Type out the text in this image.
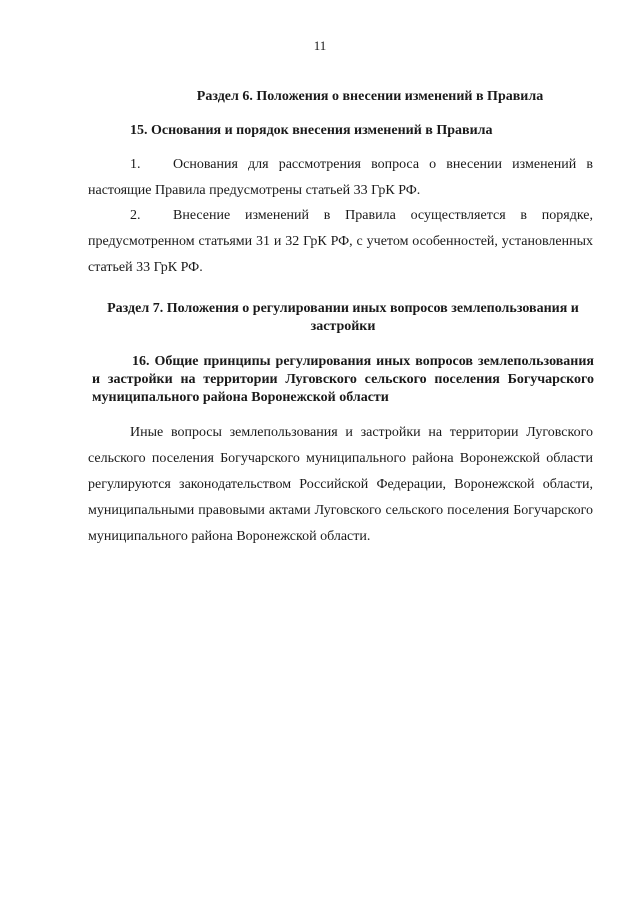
11
Раздел 6. Положения о внесении изменений в Правила
15. Основания и порядок внесения изменений в Правила
1. Основания для рассмотрения вопроса о внесении изменений в настоящие Правила предусмотрены статьей 33 ГрК РФ.
2. Внесение изменений в Правила осуществляется в порядке, предусмотренном статьями 31 и 32 ГрК РФ, с учетом особенностей, установленных статьей 33 ГрК РФ.
Раздел 7. Положения о регулировании иных вопросов землепользования и застройки
16. Общие принципы регулирования иных вопросов землепользования и застройки на территории Луговского сельского поселения Богучарского муниципального района Воронежской области
Иные вопросы землепользования и застройки на территории Луговского сельского поселения Богучарского муниципального района Воронежской области регулируются законодательством Российской Федерации, Воронежской области, муниципальными правовыми актами Луговского сельского поселения Богучарского муниципального района Воронежской области.
